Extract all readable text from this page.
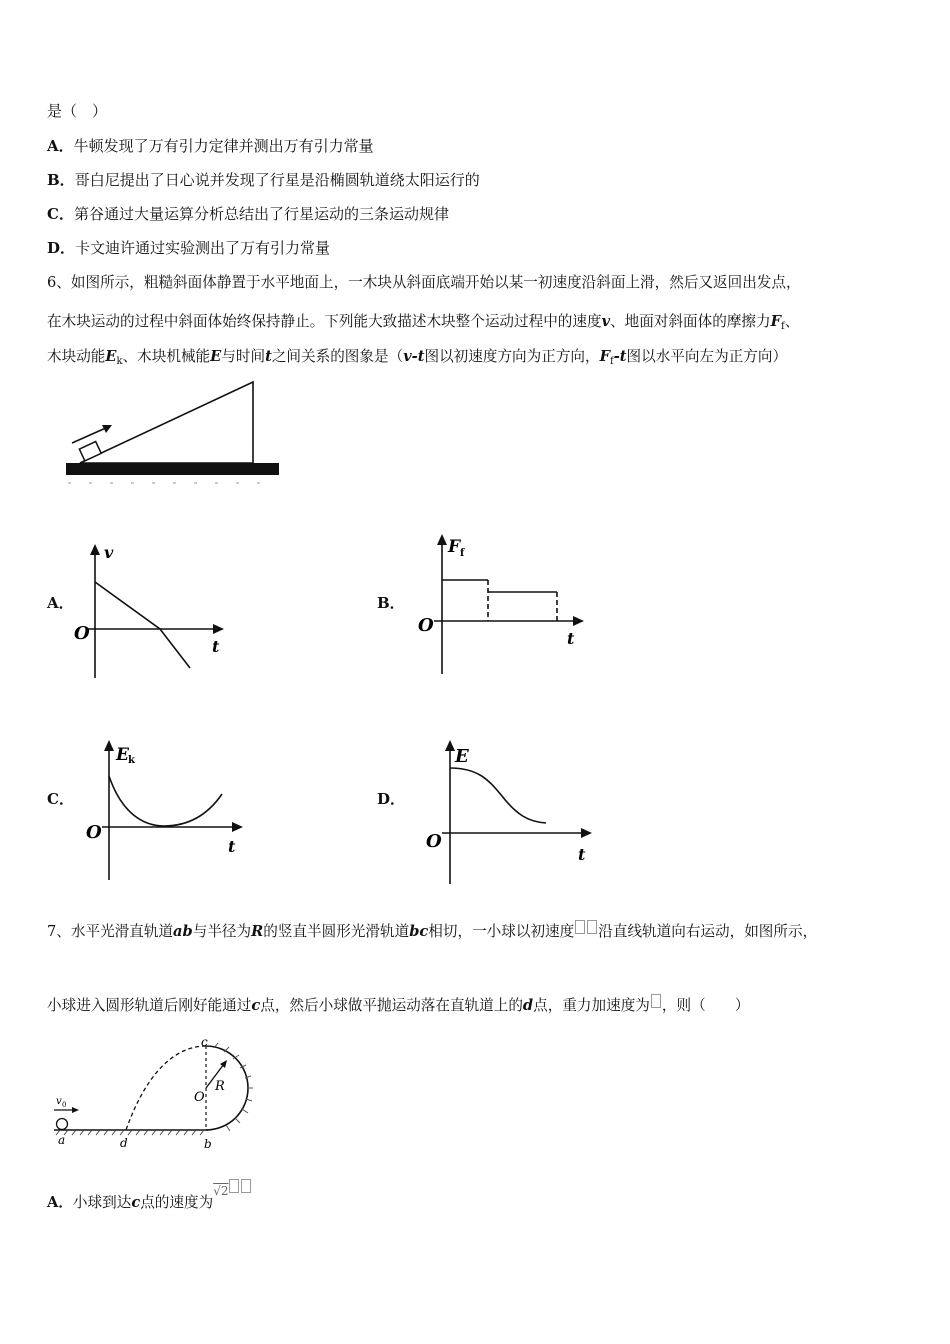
是（　）
A．牛顿发现了万有引力定律并测出万有引力常量
B．哥白尼提出了日心说并发现了行星是沿椭圆轨道绕太阳运行的
C．第谷通过大量运算分析总结出了行星运动的三条运动规律
D．卡文迪许通过实验测出了万有引力常量
6、如图所示，粗糙斜面体静置于水平地面上，一木块从斜面底端开始以某一初速度沿斜面上滑，然后又返回出发点，
在木块运动的过程中斜面体始终保持静止。下列能大致描述木块整个运动过程中的速度v、地面对斜面体的摩擦力$F_f$、
木块动能$E_k$、木块机械能E与时间t之间关系的图象是（v-t图以初速度方向为正方向，$F_f-t$图以水平向左为正方向）
A．
v
O
t
B．
F f
O
t
C．
E k
O
t
D．
E
O
t
7、水平光滑直轨道ab与半径为R的竖直半圆形光滑轨道bc相切，一小球以初速度 沿直线轨道向右运动，如图所示，
小球进入圆形轨道后刚好能通过c点，然后小球做平抛运动落在直轨道上的d点，重力加速度为 ，则（　　）
v 0
a	d	b
c
O
R
A．小球到达c点的速度为$^{√2}$
